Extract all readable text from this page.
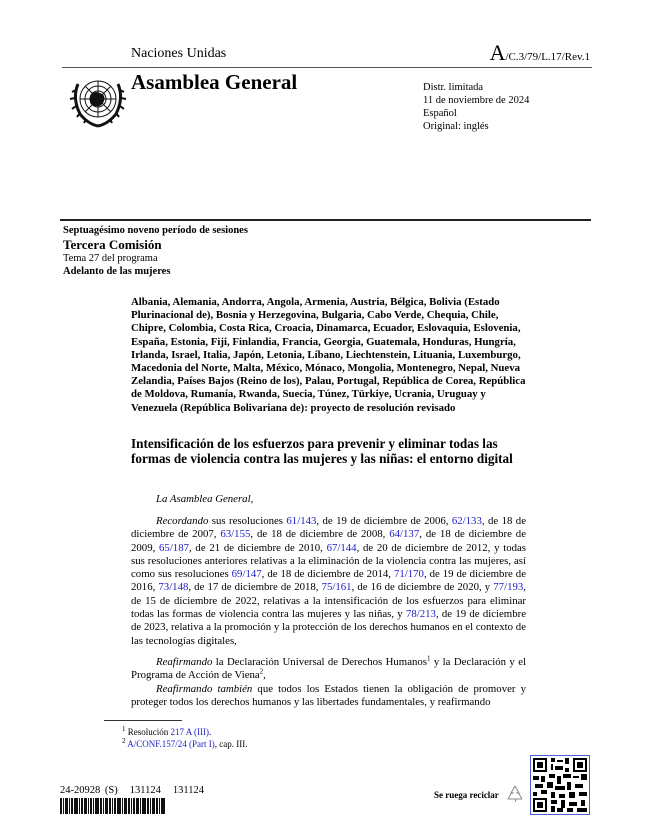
Naciones Unidas	A/C.3/79/L.17/Rev.1
Asamblea General	Distr. limitada
11 de noviembre de 2024
Español
Original: inglés
Septuagésimo noveno período de sesiones
Tercera Comisión
Tema 27 del programa
Adelanto de las mujeres
Albania, Alemania, Andorra, Angola, Armenia, Austria, Bélgica, Bolivia (Estado Plurinacional de), Bosnia y Herzegovina, Bulgaria, Cabo Verde, Chequia, Chile, Chipre, Colombia, Costa Rica, Croacia, Dinamarca, Ecuador, Eslovaquia, Eslovenia, España, Estonia, Fiji, Finlandia, Francia, Georgia, Guatemala, Honduras, Hungría, Irlanda, Israel, Italia, Japón, Letonia, Líbano, Liechtenstein, Lituania, Luxemburgo, Macedonia del Norte, Malta, México, Mónaco, Mongolia, Montenegro, Nepal, Nueva Zelandia, Países Bajos (Reino de los), Palau, Portugal, República de Corea, República de Moldova, Rumanía, Rwanda, Suecia, Túnez, Türkiye, Ucrania, Uruguay y Venezuela (República Bolivariana de): proyecto de resolución revisado
Intensificación de los esfuerzos para prevenir y eliminar todas las formas de violencia contra las mujeres y las niñas: el entorno digital

La Asamblea General,

Recordando sus resoluciones 61/143, de 19 de diciembre de 2006, 62/133, de 18 de diciembre de 2007, 63/155, de 18 de diciembre de 2008, 64/137, de 18 de diciembre de 2009, 65/187, de 21 de diciembre de 2010, 67/144, de 20 de diciembre de 2012, y todas sus resoluciones anteriores relativas a la eliminación de la violencia contra las mujeres, así como sus resoluciones 69/147, de 18 de diciembre de 2014, 71/170, de 19 de diciembre de 2016, 73/148, de 17 de diciembre de 2018, 75/161, de 16 de diciembre de 2020, y 77/193, de 15 de diciembre de 2022, relativas a la intensificación de los esfuerzos para eliminar todas las formas de violencia contra las mujeres y las niñas, y 78/213, de 19 de diciembre de 2023, relativa a la promoción y la protección de los derechos humanos en el contexto de las tecnologías digitales,

Reafirmando la Declaración Universal de Derechos Humanos$^1$ y la Declaración y el Programa de Acción de Viena$^2$,

Reafirmando también que todos los Estados tienen la obligación de promover y proteger todos los derechos humanos y las libertades fundamentales, y reafirmando

$^1$ Resolución 217 A (III).
$^2$ A/CONF.157/24 (Part I), cap. III.
24-20928 (S) 131124 131124	Se ruega reciclar
